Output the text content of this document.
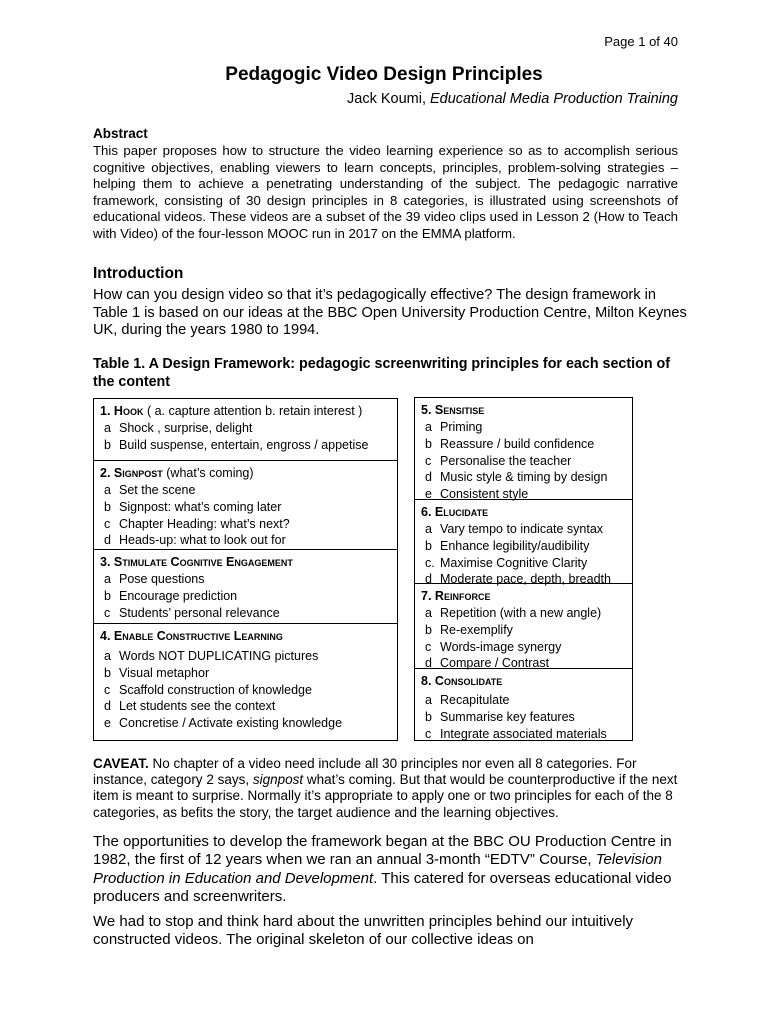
Page 1 of 40
Pedagogic Video Design Principles
Jack Koumi, Educational Media Production Training
Abstract
This paper proposes how to structure the video learning experience so as to accomplish serious cognitive objectives, enabling viewers to learn concepts, principles, problem-solving strategies – helping them to achieve a penetrating understanding of the subject. The pedagogic narrative framework, consisting of 30 design principles in 8 categories, is illustrated using screenshots of educational videos. These videos are a subset of the 39 video clips used in Lesson 2 (How to Teach with Video) of the four-lesson MOOC run in 2017 on the EMMA platform.
Introduction
How can you design video so that it’s pedagogically effective? The design framework in Table 1 is based on our ideas at the BBC Open University Production Centre, Milton Keynes UK, during the years 1980 to 1994.
Table 1. A Design Framework: pedagogic screenwriting principles for each section of the content
1. Hook ( a. capture attention b. retain interest )
a Shock , surprise, delight
b Build suspense, entertain, engross / appetise
2. Signpost (what’s coming)
a Set the scene
b Signpost: what’s coming later
c Chapter Heading: what’s next?
d Heads-up: what to look out for
3. Stimulate Cognitive Engagement
a Pose questions
b Encourage prediction
c Students’ personal relevance
4. Enable Constructive Learning
a Words NOT DUPLICATING pictures
b Visual metaphor
c Scaffold construction of knowledge
d Let students see the context
e Concretise / Activate existing knowledge
5. Sensitise
a Priming
b Reassure / build confidence
c Personalise the teacher
d Music style & timing by design
e Consistent style
6. Elucidate
a Vary tempo to indicate syntax
b Enhance legibility/audibility
c. Maximise Cognitive Clarity
d Moderate pace, depth, breadth
7. Reinforce
a Repetition (with a new angle)
b Re-exemplify
c Words-image synergy
d Compare / Contrast
8. Consolidate
a Recapitulate
b Summarise key features
c Integrate associated materials
CAVEAT. No chapter of a video need include all 30 principles nor even all 8 categories. For instance, category 2 says, signpost what’s coming. But that would be counterproductive if the next item is meant to surprise. Normally it’s appropriate to apply one or two principles for each of the 8 categories, as befits the story, the target audience and the learning objectives.
The opportunities to develop the framework began at the BBC OU Production Centre in 1982, the first of 12 years when we ran an annual 3-month “EDTV” Course, Television Production in Education and Development. This catered for overseas educational video producers and screenwriters.
We had to stop and think hard about the unwritten principles behind our intuitively constructed videos. The original skeleton of our collective ideas on
